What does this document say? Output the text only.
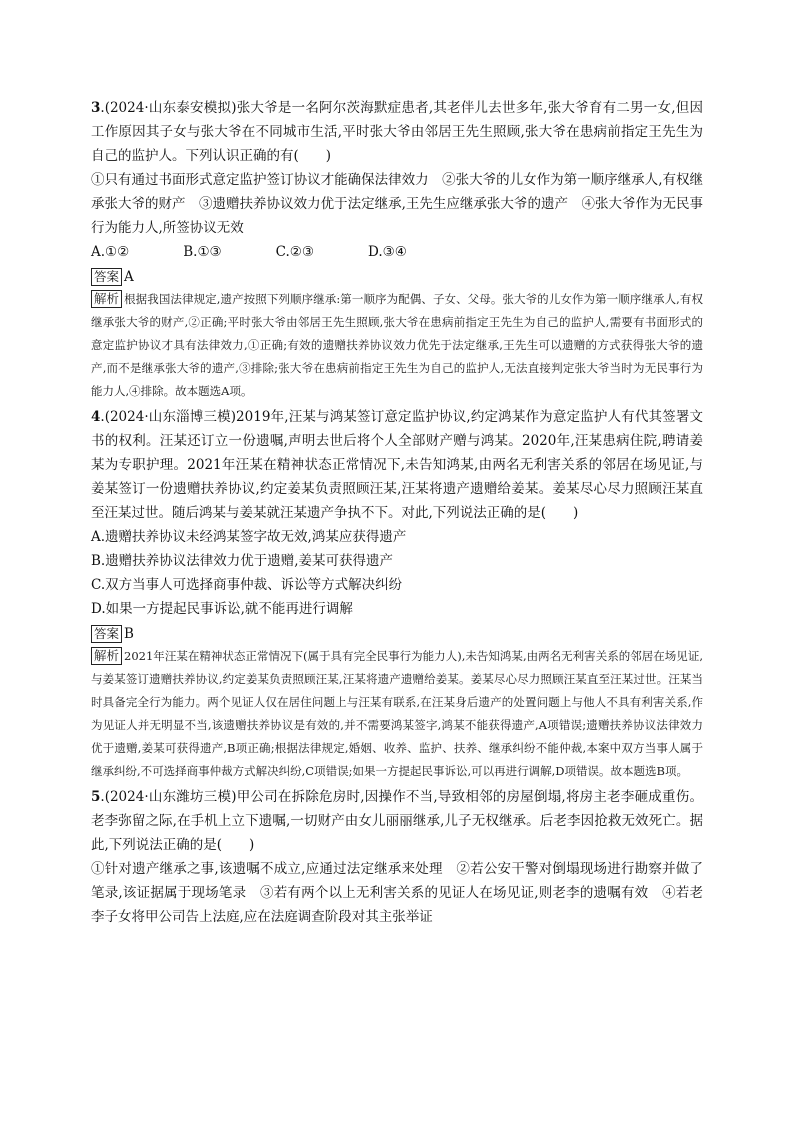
3.(2024·山东泰安模拟)张大爷是一名阿尔茨海默症患者,其老伴儿去世多年,张大爷育有二男一女,但因工作原因其子女与张大爷在不同城市生活,平时张大爷由邻居王先生照顾,张大爷在患病前指定王先生为自己的监护人。下列认识正确的有(　　)

①只有通过书面形式意定监护签订协议才能确保法律效力　②张大爷的儿女作为第一顺序继承人,有权继承张大爷的财产　③遗赠扶养协议效力优于法定继承,王先生应继承张大爷的遗产　④张大爷作为无民事行为能力人,所签协议无效

A.①②　　　　B.①③　　　　C.②③　　　　D.③④

答案 A

解析 根据我国法律规定,遗产按照下列顺序继承:第一顺序为配偶、子女、父母。张大爷的儿女作为第一顺序继承人,有权继承张大爷的财产,②正确;平时张大爷由邻居王先生照顾,张大爷在患病前指定王先生为自己的监护人,需要有书面形式的意定监护协议才具有法律效力,①正确;有效的遗赠扶养协议效力优先于法定继承,王先生可以遗赠的方式获得张大爷的遗产,而不是继承张大爷的遗产,③排除;张大爷在患病前指定王先生为自己的监护人,无法直接判定张大爷当时为无民事行为能力人,④排除。故本题选A项。

4.(2024·山东淄博三模)2019年,汪某与鸿某签订意定监护协议,约定鸿某作为意定监护人有代其签署文书的权利。汪某还订立一份遗嘱,声明去世后将个人全部财产赠与鸿某。2020年,汪某患病住院,聘请姜某为专职护理。2021年汪某在精神状态正常情况下,未告知鸿某,由两名无利害关系的邻居在场见证,与姜某签订一份遗赠扶养协议,约定姜某负责照顾汪某,汪某将遗产遗赠给姜某。姜某尽心尽力照顾汪某直至汪某过世。随后鸿某与姜某就汪某遗产争执不下。对此,下列说法正确的是(　　)

A.遗赠扶养协议未经鸿某签字故无效,鸿某应获得遗产

B.遗赠扶养协议法律效力优于遗赠,姜某可获得遗产

C.双方当事人可选择商事仲裁、诉讼等方式解决纠纷

D.如果一方提起民事诉讼,就不能再进行调解

答案 B

解析 2021年汪某在精神状态正常情况下(属于具有完全民事行为能力人),未告知鸿某,由两名无利害关系的邻居在场见证,与姜某签订遗赠扶养协议,约定姜某负责照顾汪某,汪某将遗产遗赠给姜某。姜某尽心尽力照顾汪某直至汪某过世。汪某当时具备完全行为能力。两个见证人仅在居住问题上与汪某有联系,在汪某身后遗产的处置问题上与他人不具有利害关系,作为见证人并无明显不当,该遗赠扶养协议是有效的,并不需要鸿某签字,鸿某不能获得遗产,A项错误;遗赠扶养协议法律效力优于遗赠,姜某可获得遗产,B项正确;根据法律规定,婚姻、收养、监护、扶养、继承纠纷不能仲裁,本案中双方当事人属于继承纠纷,不可选择商事仲裁方式解决纠纷,C项错误;如果一方提起民事诉讼,可以再进行调解,D项错误。故本题选B项。

5.(2024·山东潍坊三模)甲公司在拆除危房时,因操作不当,导致相邻的房屋倒塌,将房主老李砸成重伤。老李弥留之际,在手机上立下遗嘱,一切财产由女儿丽丽继承,儿子无权继承。后老李因抢救无效死亡。据此,下列说法正确的是(　　)

①针对遗产继承之事,该遗嘱不成立,应通过法定继承来处理　②若公安干警对倒塌现场进行勘察并做了笔录,该证据属于现场笔录　③若有两个以上无利害关系的见证人在场见证,则老李的遗嘱有效　④若老李子女将甲公司告上法庭,应在法庭调查阶段对其主张举证
